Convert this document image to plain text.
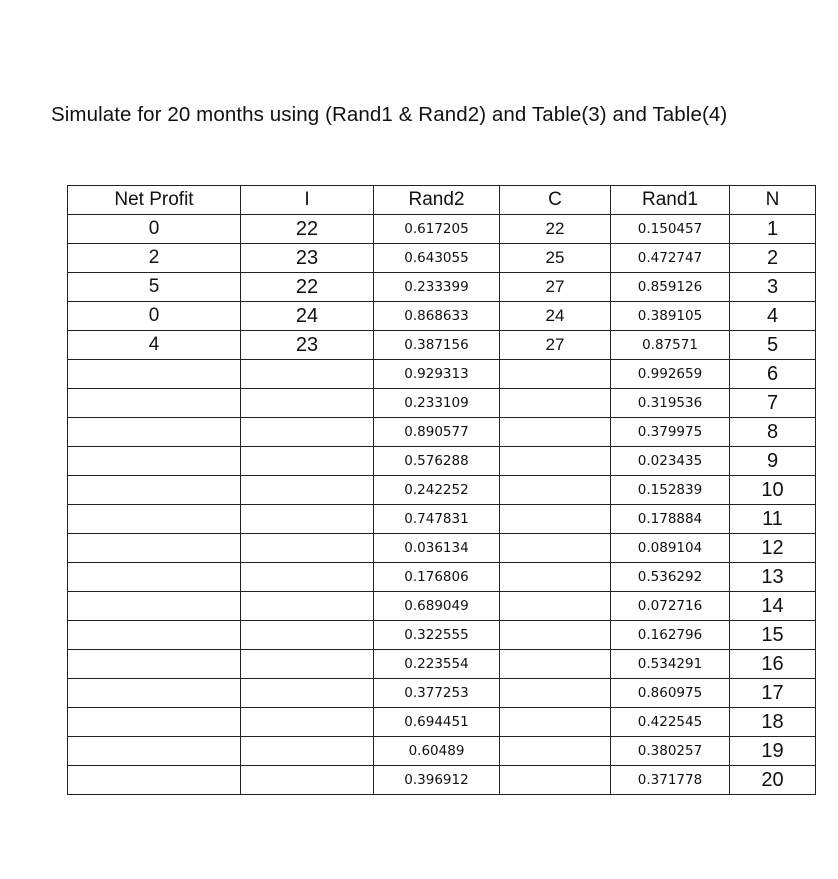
Simulate for 20 months using (Rand1 & Rand2) and Table(3) and Table(4)
Net Profit	I	Rand2	C	Rand1	N
0	22	0.617205	22	0.150457	1
2	23	0.643055	25	0.472747	2
5	22	0.233399	27	0.859126	3
0	24	0.868633	24	0.389105	4
4	23	0.387156	27	0.87571	5
		0.929313		0.992659	6
		0.233109		0.319536	7
		0.890577		0.379975	8
		0.576288		0.023435	9
		0.242252		0.152839	10
		0.747831		0.178884	11
		0.036134		0.089104	12
		0.176806		0.536292	13
		0.689049		0.072716	14
		0.322555		0.162796	15
		0.223554		0.534291	16
		0.377253		0.860975	17
		0.694451		0.422545	18
		0.60489		0.380257	19
		0.396912		0.371778	20
